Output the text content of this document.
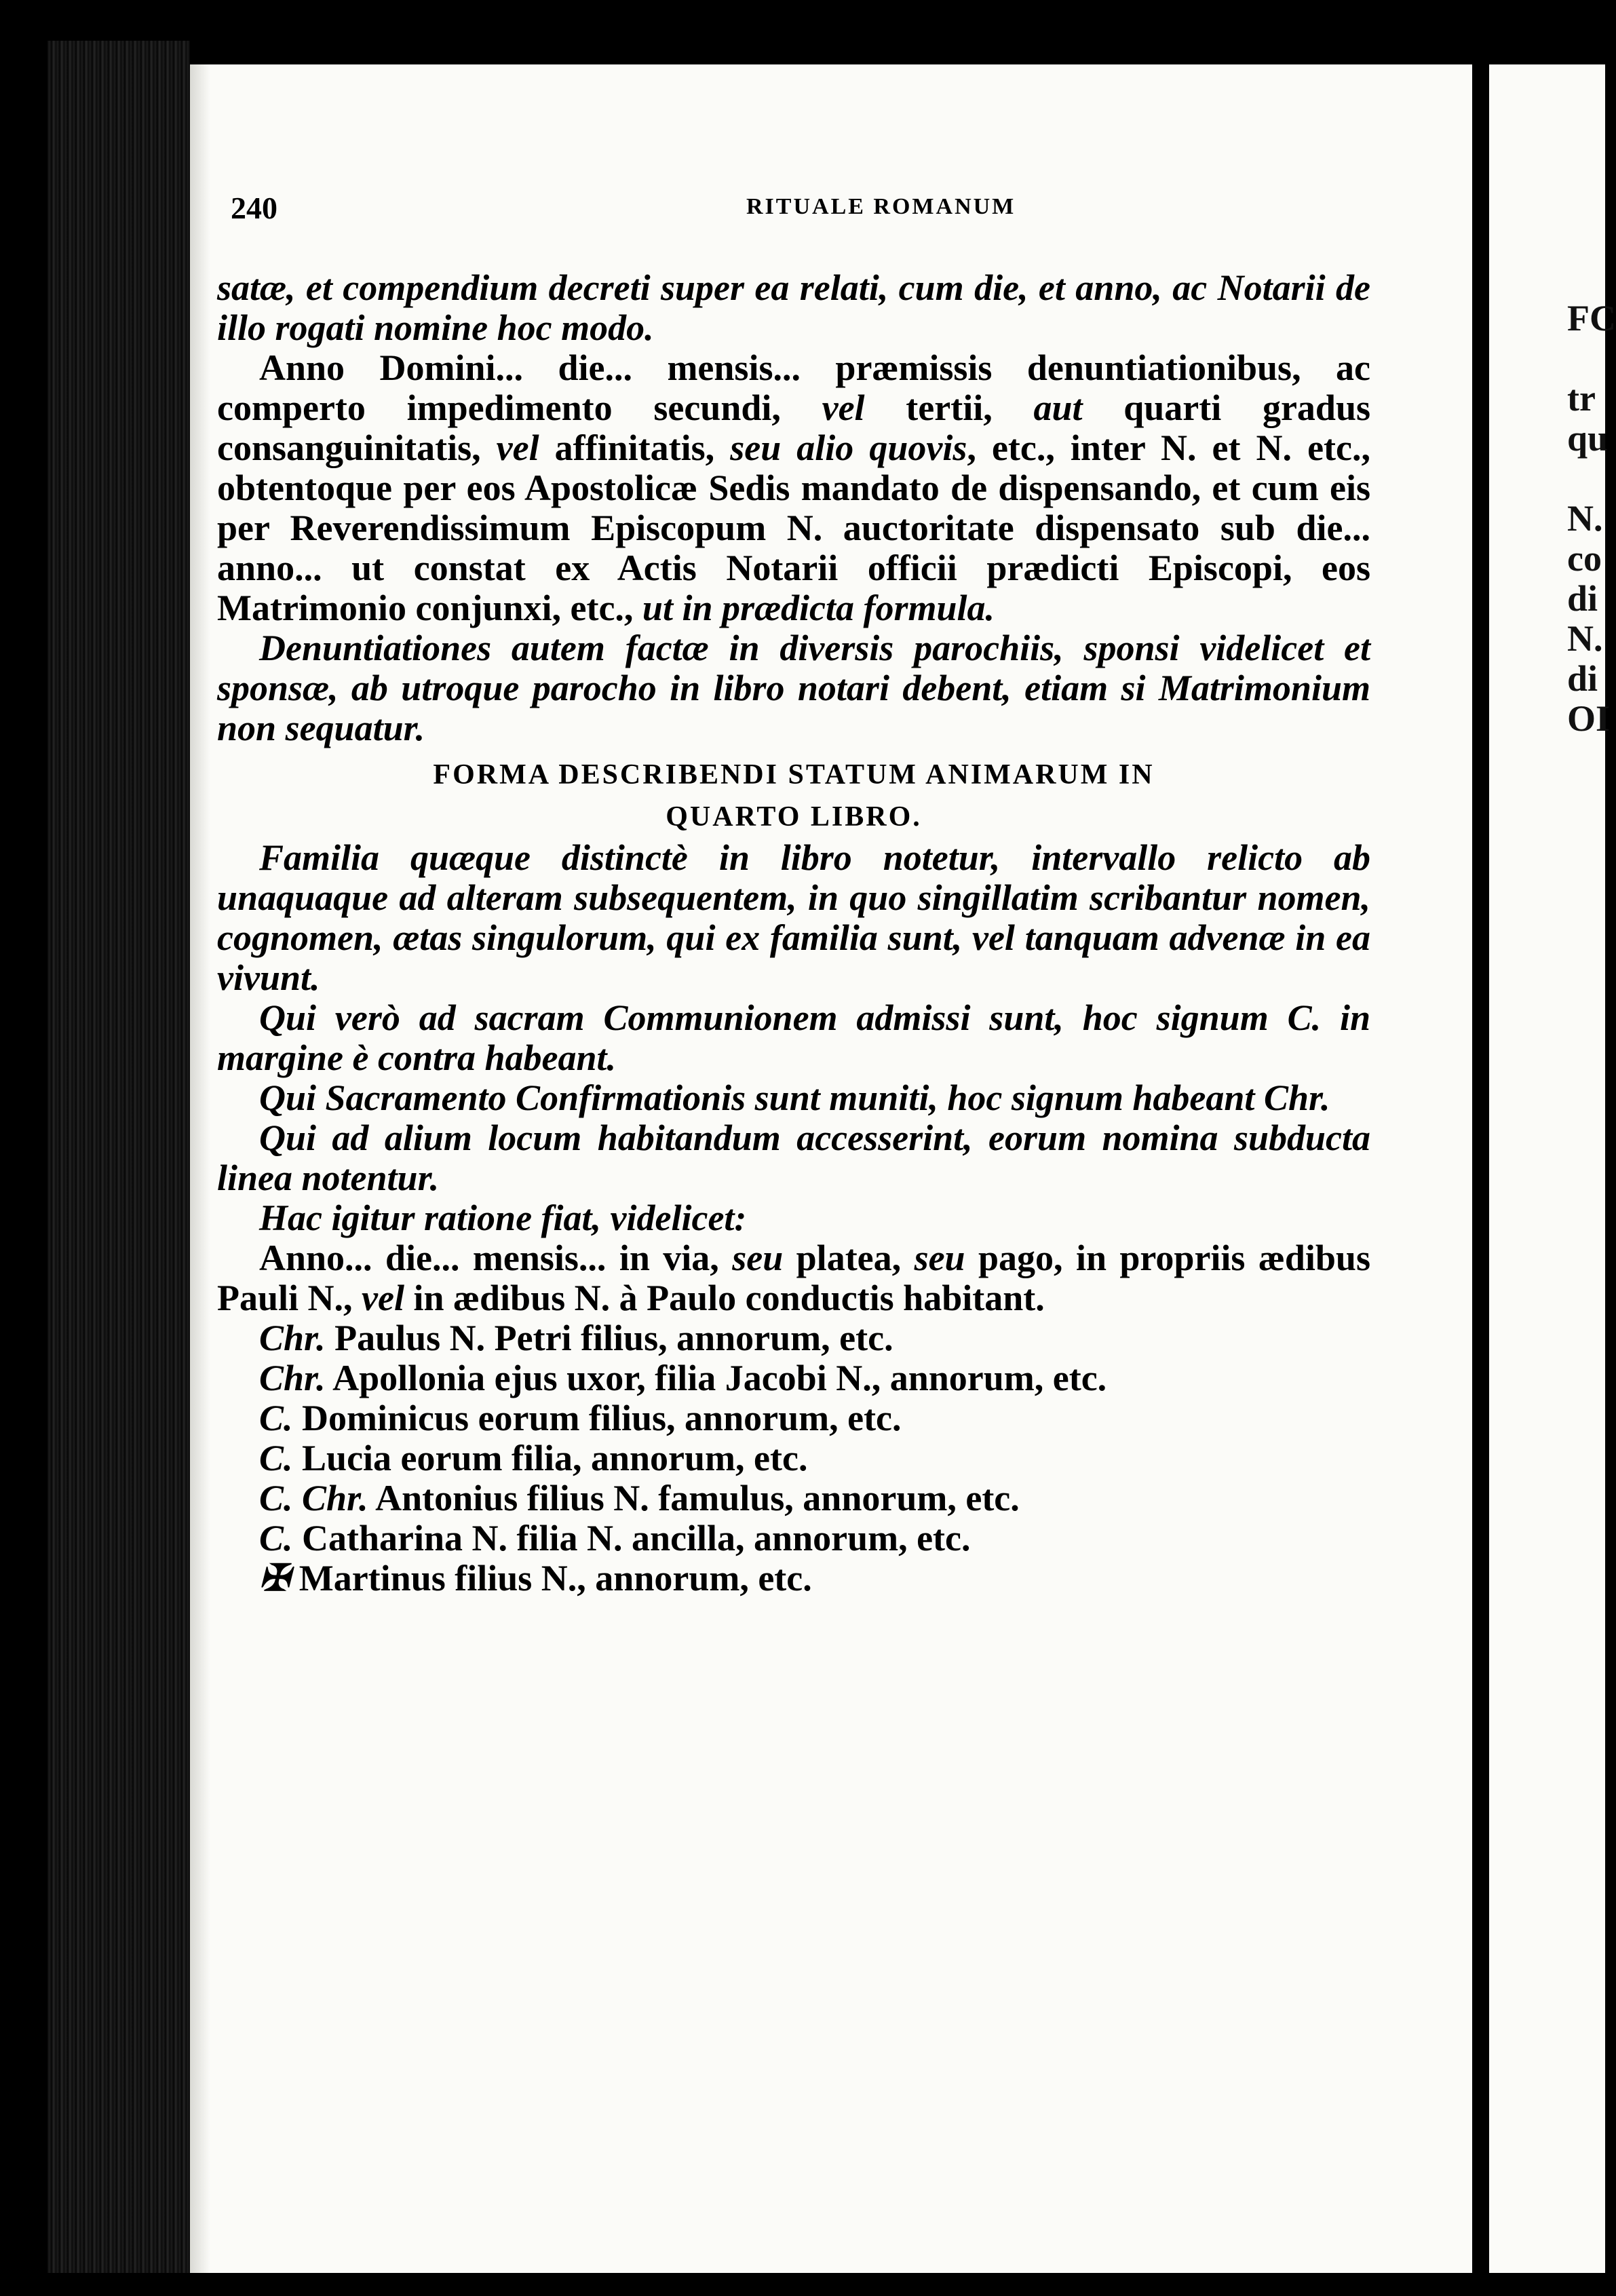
240	RITUALE ROMANUM

satæ, et compendium decreti super ea relati, cum die, et anno, ac Notarii de illo rogati nomine hoc modo.

Anno Domini... die... mensis... præmissis denuntiationibus, ac comperto impedimento secundi, vel tertii, aut quarti gradus consanguinitatis, vel affinitatis, seu alio quovis, etc., inter N. et N. etc., obtentoque per eos Apostolicæ Sedis mandato de dispensando, et cum eis per Reverendissimum Episcopum N. auctoritate dispensato sub die... anno... ut constat ex Actis Notarii officii prædicti Episcopi, eos Matrimonio conjunxi, etc., ut in prædicta formula.

Denuntiationes autem factæ in diversis parochiis, sponsi videlicet et sponsæ, ab utroque parocho in libro notari debent, etiam si Matrimonium non sequatur.

FORMA DESCRIBENDI STATUM ANIMARUM IN
QUARTO LIBRO.

Familia quæque distinctè in libro notetur, intervallo relicto ab unaquaque ad alteram subsequentem, in quo singillatim scribantur nomen, cognomen, ætas singulorum, qui ex familia sunt, vel tanquam advenæ in ea vivunt.

Qui verò ad sacram Communionem admissi sunt, hoc signum C. in margine è contra habeant.

Qui Sacramento Confirmationis sunt muniti, hoc signum habeant Chr.

Qui ad alium locum habitandum accesserint, eorum nomina subducta linea notentur.

Hac igitur ratione fiat, videlicet:

Anno... die... mensis... in via, seu platea, seu pago, in propriis ædibus Pauli N., vel in ædibus N. à Paulo conductis habitant.

Chr. Paulus N. Petri filius, annorum, etc.

Chr. Apollonia ejus uxor, filia Jacobi N., annorum, etc.

C. Dominicus eorum filius, annorum, etc.

C. Lucia eorum filia, annorum, etc.

C. Chr. Antonius filius N. famulus, annorum, etc.

C. Catharina N. filia N. ancilla, annorum, etc.

✠ Martinus filius N., annorum, etc.

FC
tr
qu
N.
co
di
N.
di
OI
